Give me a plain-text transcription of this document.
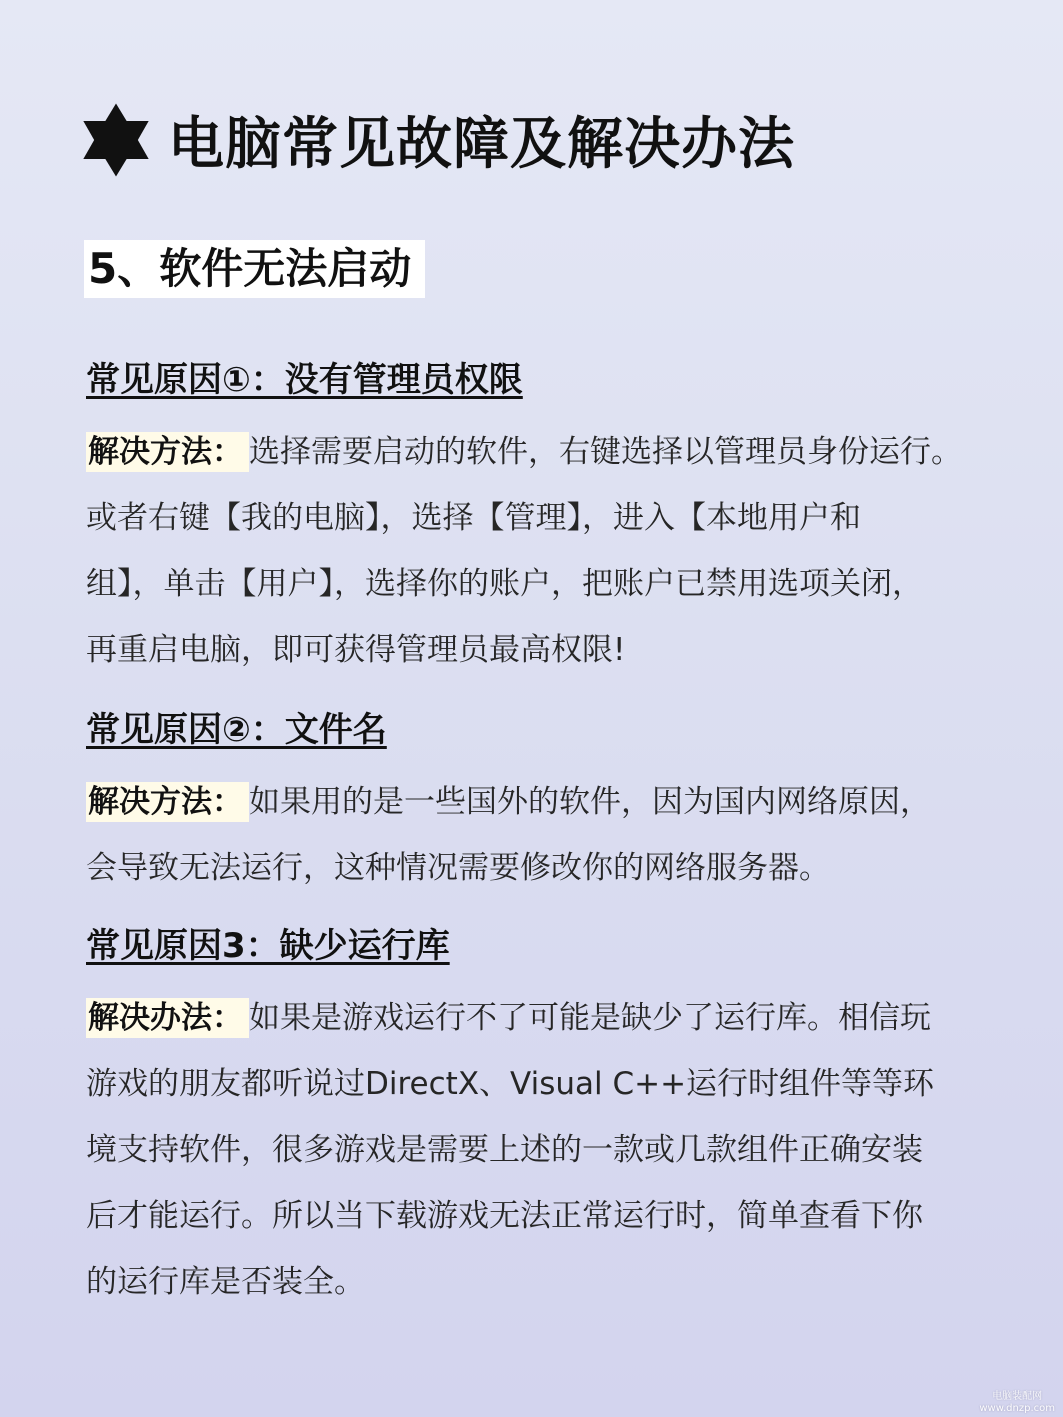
电脑常见故障及解决办法
5、软件无法启动
常见原因①：没有管理员权限
解决方法： 选择需要启动的软件，右键选择以管理员身份运行。
或者右键【我的电脑】，选择【管理】，进入【本地用户和
组】，单击【用户】，选择你的账户，把账户已禁用选项关闭，
再重启电脑，即可获得管理员最高权限!
常见原因②：文件名
解决方法： 如果用的是一些国外的软件，因为国内网络原因，
会导致无法运行，这种情况需要修改你的网络服务器。
常见原因3：缺少运行库
解决办法： 如果是游戏运行不了可能是缺少了运行库。相信玩
游戏的朋友都听说过DirectX、Visual C++运行时组件等等环
境支持软件，很多游戏是需要上述的一款或几款组件正确安装
后才能运行。所以当下载游戏无法正常运行时，简单查看下你
的运行库是否装全。
电脑装配网
www.dnzp.com
